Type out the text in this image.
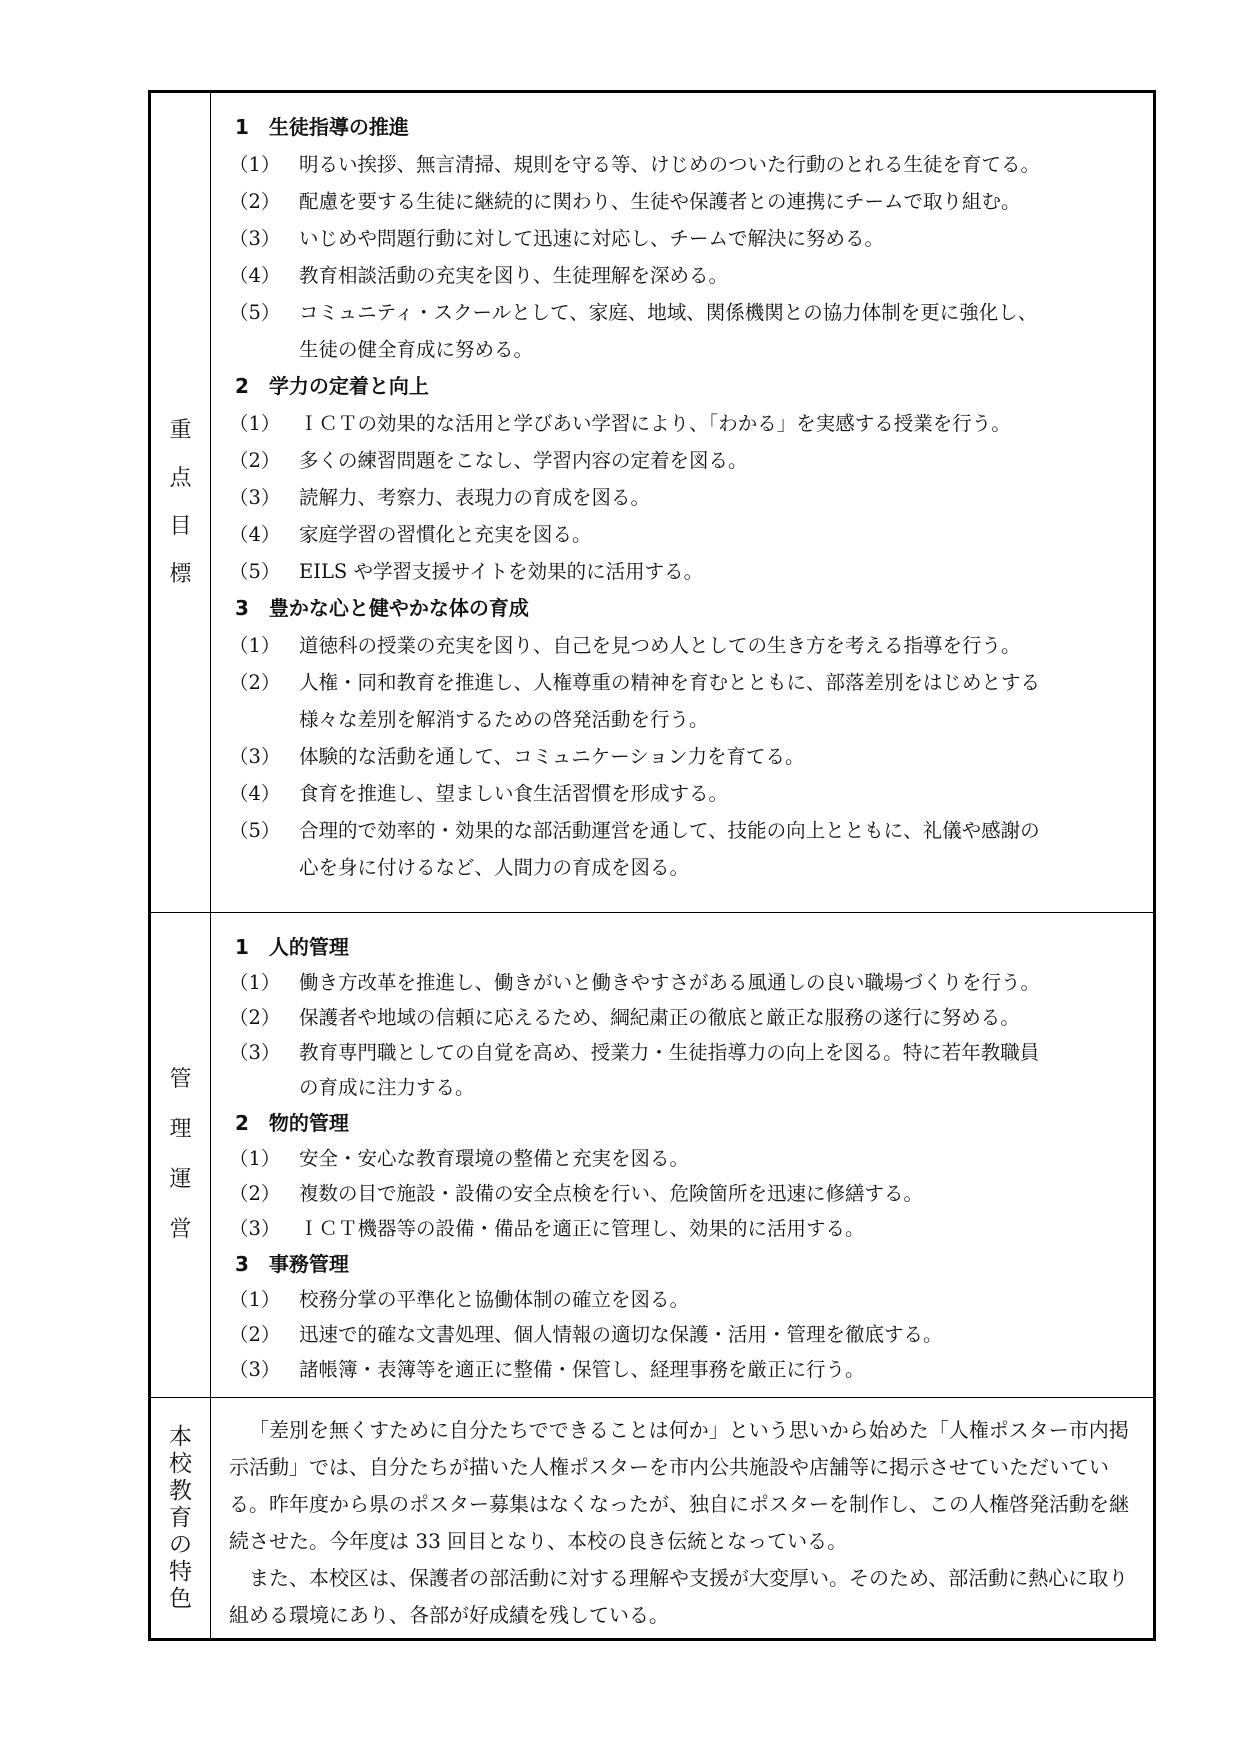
重
点
目
標
1　生徒指導の推進
（1） 明るい挨拶、無言清掃、規則を守る等、けじめのついた行動のとれる生徒を育てる。
（2） 配慮を要する生徒に継続的に関わり、生徒や保護者との連携にチームで取り組む。
（3） いじめや問題行動に対して迅速に対応し、チームで解決に努める。
（4） 教育相談活動の充実を図り、生徒理解を深める。
（5） コミュニティ・スクールとして、家庭、地域、関係機関との協力体制を更に強化し、
生徒の健全育成に努める。
2　学力の定着と向上
（1） ＩＣＴの効果的な活用と学びあい学習により、「わかる」を実感する授業を行う。
（2） 多くの練習問題をこなし、学習内容の定着を図る。
（3） 読解力、考察力、表現力の育成を図る。
（4） 家庭学習の習慣化と充実を図る。
（5） EILS や学習支援サイトを効果的に活用する。
3　豊かな心と健やかな体の育成
（1） 道徳科の授業の充実を図り、自己を見つめ人としての生き方を考える指導を行う。
（2） 人権・同和教育を推進し、人権尊重の精神を育むとともに、部落差別をはじめとする
様々な差別を解消するための啓発活動を行う。
（3） 体験的な活動を通して、コミュニケーション力を育てる。
（4） 食育を推進し、望ましい食生活習慣を形成する。
（5） 合理的で効率的・効果的な部活動運営を通して、技能の向上とともに、礼儀や感謝の
心を身に付けるなど、人間力の育成を図る。
管
理
運
営
1　人的管理
（1） 働き方改革を推進し、働きがいと働きやすさがある風通しの良い職場づくりを行う。
（2） 保護者や地域の信頼に応えるため、綱紀粛正の徹底と厳正な服務の遂行に努める。
（3） 教育専門職としての自覚を高め、授業力・生徒指導力の向上を図る。特に若年教職員
の育成に注力する。
2　物的管理
（1） 安全・安心な教育環境の整備と充実を図る。
（2） 複数の目で施設・設備の安全点検を行い、危険箇所を迅速に修繕する。
（3） ＩＣＴ機器等の設備・備品を適正に管理し、効果的に活用する。
3　事務管理
（1） 校務分掌の平準化と協働体制の確立を図る。
（2） 迅速で的確な文書処理、個人情報の適切な保護・活用・管理を徹底する。
（3） 諸帳簿・表簿等を適正に整備・保管し、経理事務を厳正に行う。
本
校
教
育
の
特
色

「差別を無くすために自分たちでできることは何か」という思いから始めた「人権ポスター市内掲示活動」では、自分たちが描いた人権ポスターを市内公共施設や店舗等に掲示させていただいている。昨年度から県のポスター募集はなくなったが、独自にポスターを制作し、この人権啓発活動を継続させた。今年度は 33 回目となり、本校の良き伝統となっている。

また、本校区は、保護者の部活動に対する理解や支援が大変厚い。そのため、部活動に熱心に取り組める環境にあり、各部が好成績を残している。
